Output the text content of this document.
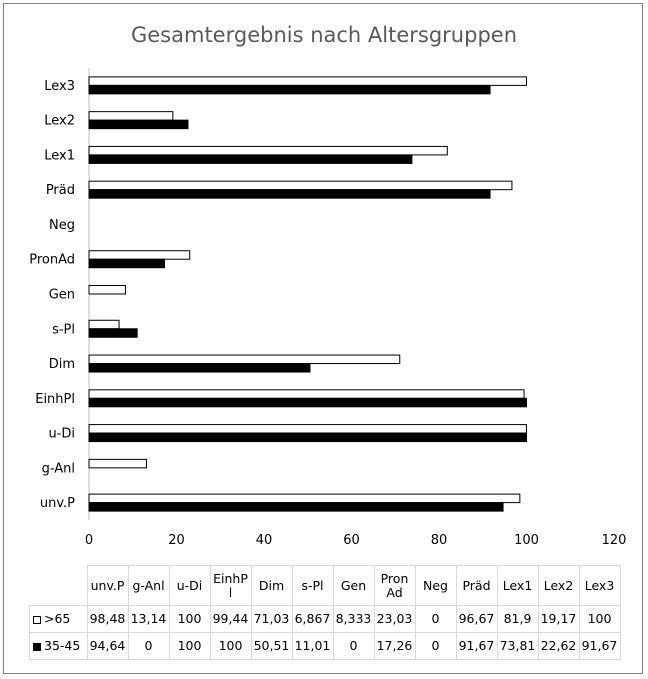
Gesamtergebnis nach Altersgruppen
unv.P
g-Anl
u-Di
EinhPl
Dim
s-Pl
Gen
PronAd
Neg
Präd
Lex1
Lex2
Lex3
0	20	40	60	80	100	120
	unv.P	g-Anl	u-Di	EinhP l	Dim	s-Pl	Gen	Pron Ad	Neg	Präd	Lex1	Lex2	Lex3
>65	98,48	13,14	100	99,44	71,03	6,867	8,333	23,03	0	96,67	81,9	19,17	100
35-45	94,64	0	100	100	50,51	11,01	0	17,26	0	91,67	73,81	22,62	91,67
